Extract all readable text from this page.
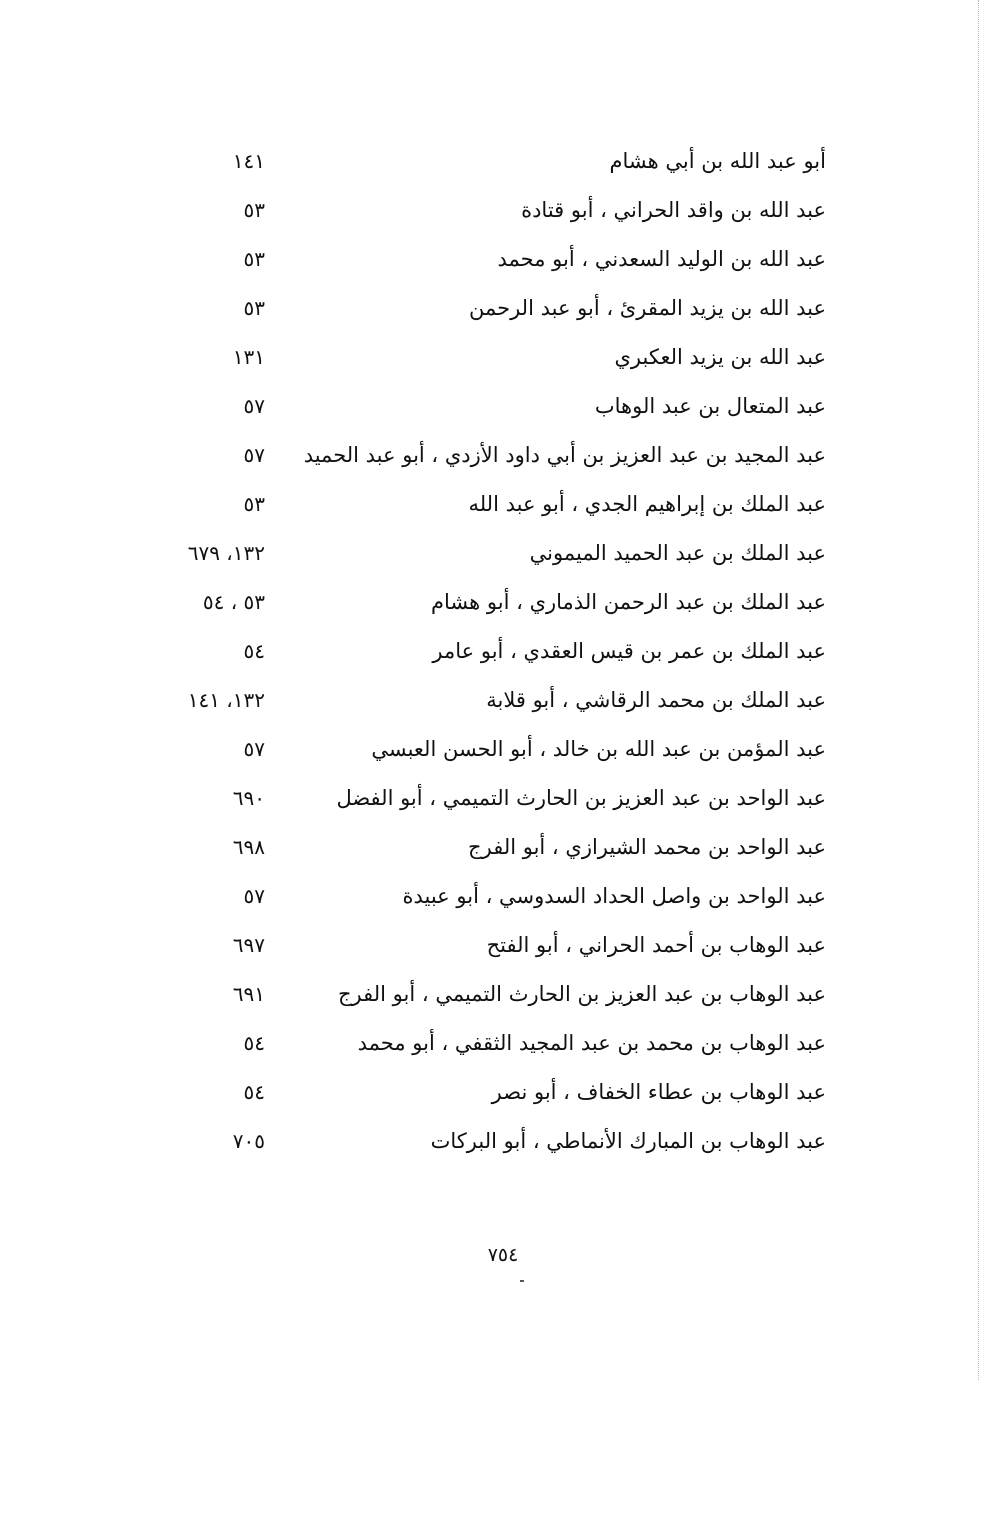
أبو عبد الله بن أبي هشام
١٤١
عبد الله بن واقد الحراني ، أبو قتادة
٥٣
عبد الله بن الوليد السعدني ، أبو محمد
٥٣
عبد الله بن يزيد المقرئ ، أبو عبد الرحمن
٥٣
عبد الله بن يزيد العكبري
١٣١
عبد المتعال بن عبد الوهاب
٥٧
عبد المجيد بن عبد العزيز بن أبي داود الأزدي ، أبو عبد الحميد
٥٧
عبد الملك بن إبراهيم الجدي ، أبو عبد الله
٥٣
عبد الملك بن عبد الحميد الميموني
١٣٢، ٦٧٩
عبد الملك بن عبد الرحمن الذماري ، أبو هشام
٥٣ ، ٥٤
عبد الملك بن عمر بن قيس العقدي ، أبو عامر
٥٤
عبد الملك بن محمد الرقاشي ، أبو قلابة
١٣٢، ١٤١
عبد المؤمن بن عبد الله بن خالد ، أبو الحسن العبسي
٥٧
عبد الواحد بن عبد العزيز بن الحارث التميمي ، أبو الفضل
٦٩٠
عبد الواحد بن محمد الشيرازي ، أبو الفرج
٦٩٨
عبد الواحد بن واصل الحداد السدوسي ، أبو عبيدة
٥٧
عبد الوهاب بن أحمد الحراني ، أبو الفتح
٦٩٧
عبد الوهاب بن عبد العزيز بن الحارث التميمي ، أبو الفرج
٦٩١
عبد الوهاب بن محمد بن عبد المجيد الثقفي ، أبو محمد
٥٤
عبد الوهاب بن عطاء الخفاف ، أبو نصر
٥٤
عبد الوهاب بن المبارك الأنماطي ، أبو البركات
٧٠٥
٧٥٤
